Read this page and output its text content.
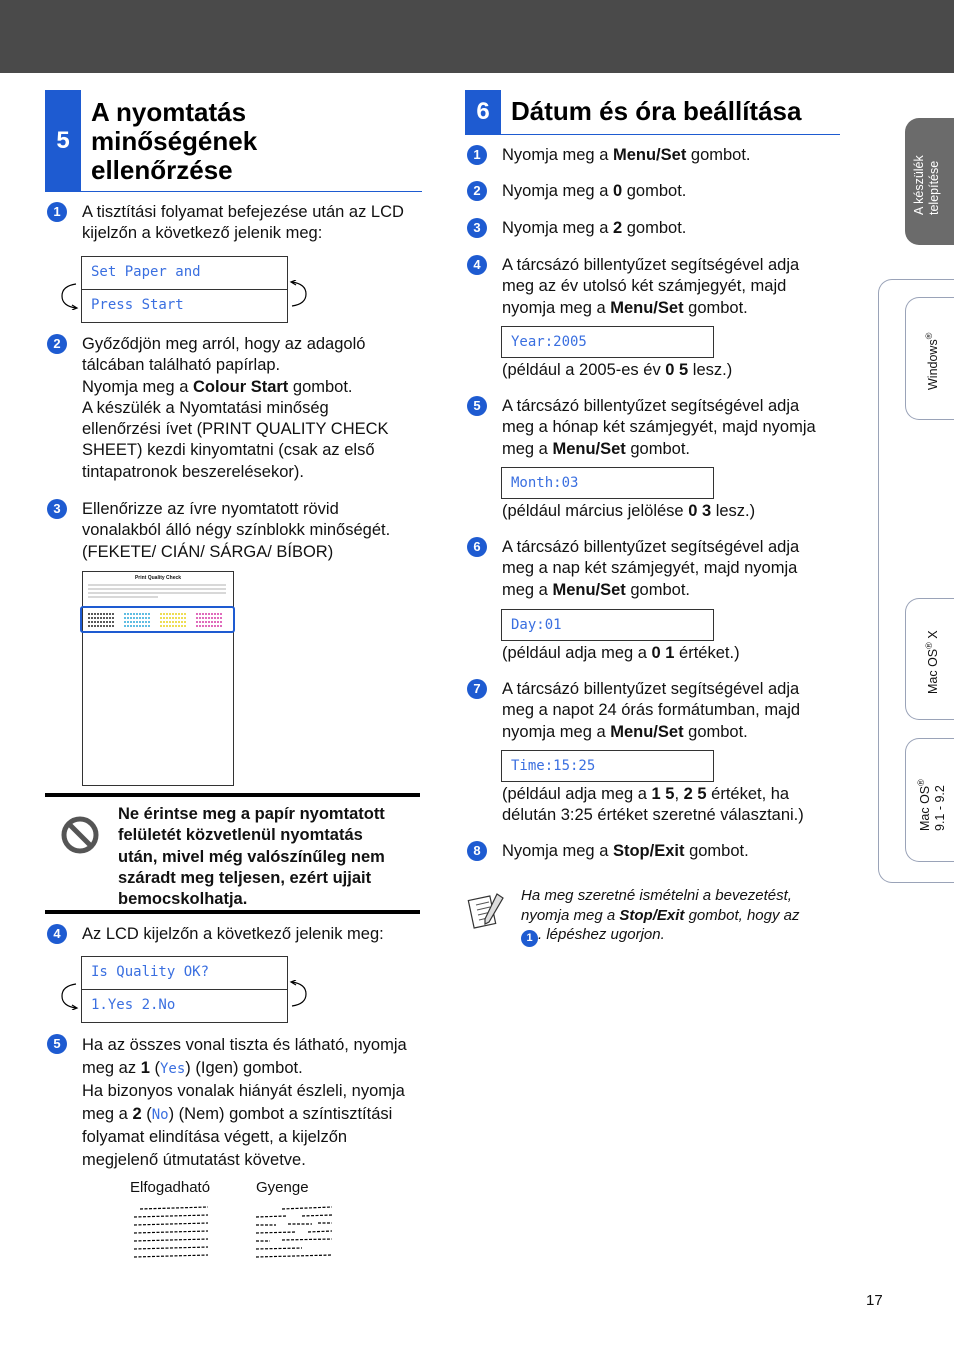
5
A nyomtatás
minőségének
ellenőrzése
6 Dátum és óra beállítása
1	A tisztítási folyamat befejezése után az LCD
kijelzőn a következő jelenik meg:
Set Paper and
Press Start
2	Győződjön meg arról, hogy az adagoló
tálcában található papírlap.
Nyomja meg a Colour Start gombot.
A készülék a Nyomtatási minőség
ellenőrzési ívet (PRINT QUALITY CHECK
SHEET) kezdi kinyomtatni (csak az első
tintapatronok beszerelésekor).
3	Ellenőrizze az ívre nyomtatott rövid
vonalakból álló négy színblokk minőségét.
(FEKETE/ CIÁN/ SÁRGA/ BÍBOR)
Print Quality Check
Ne érintse meg a papír nyomtatott
felületét közvetlenül nyomtatás
után, mivel még valószínűleg nem
száradt meg teljesen, ezért ujjait
bemocskolhatja.
4	Az LCD kijelzőn a következő jelenik meg:
Is Quality OK?
1.Yes 2.No
5	Ha az összes vonal tiszta és látható, nyomja
meg az 1 (Yes) (Igen) gombot.
Ha bizonyos vonalak hiányát észleli, nyomja
meg a 2 (No) (Nem) gombot a színtisztítási
folyamat elindítása végett, a kijelzőn
megjelenő útmutatást követve.
Elfogadható	Gyenge
1	Nyomja meg a Menu/Set gombot.
2	Nyomja meg a 0 gombot.
3	Nyomja meg a 2 gombot.
4	A tárcsázó billentyűzet segítségével adja
meg az év utolsó két számjegyét, majd
nyomja meg a Menu/Set gombot.
Year:2005
(például a 2005-es év 0 5 lesz.)
5	A tárcsázó billentyűzet segítségével adja
meg a hónap két számjegyét, majd nyomja
meg a Menu/Set gombot.
Month:03
(például március jelölése 0 3 lesz.)
6	A tárcsázó billentyűzet segítségével adja
meg a nap két számjegyét, majd nyomja
meg a Menu/Set gombot.
Day:01
(például adja meg a 0 1 értéket.)
7	A tárcsázó billentyűzet segítségével adja
meg a napot 24 órás formátumban, majd
nyomja meg a Menu/Set gombot.
Time:15:25
(például adja meg a 1 5, 2 5 értéket, ha
délután 3:25 értéket szeretné választani.)
8	Nyomja meg a Stop/Exit gombot.
Ha meg szeretné ismételni a bevezetést,
nyomja meg a Stop/Exit gombot, hogy az
1 . lépéshez ugorjon.
A készülék telepítése
Windows®
Mac OS® X
Mac OS®
9.1 - 9.2
17
